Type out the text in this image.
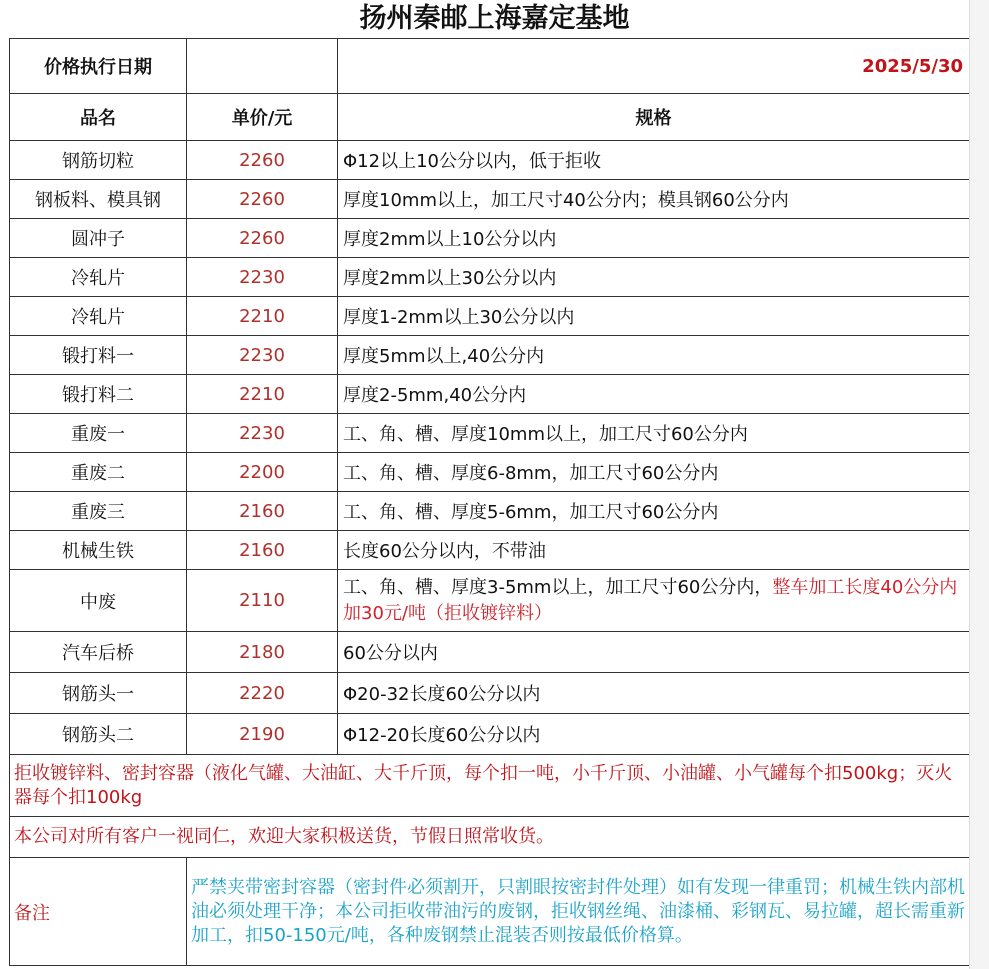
扬州秦邮上海嘉定基地
价格执行日期		2025/5/30
品名	单价/元	规格
钢筋切粒	2260	Φ12以上10公分以内，低于拒收
钢板料、模具钢	2260	厚度10mm以上，加工尺寸40公分内；模具钢60公分内
圆冲子	2260	厚度2mm以上10公分以内
冷轧片	2230	厚度2mm以上30公分以内
冷轧片	2210	厚度1-2mm以上30公分以内
锻打料一	2230	厚度5mm以上,40公分内
锻打料二	2210	厚度2-5mm,40公分内
重废一	2230	工、角、槽、厚度10mm以上，加工尺寸60公分内
重废二	2200	工、角、槽、厚度6-8mm，加工尺寸60公分内
重废三	2160	工、角、槽、厚度5-6mm，加工尺寸60公分内
机械生铁	2160	长度60公分以内，不带油
中废	2110	工、角、槽、厚度3-5mm以上，加工尺寸60公分内，整车加工长度40公分内加30元/吨（拒收镀锌料）
汽车后桥	2180	60公分以内
钢筋头一	2220	Φ20-32长度60公分以内
钢筋头二	2190	Φ12-20长度60公分以内
拒收镀锌料、密封容器（液化气罐、大油缸、大千斤顶，每个扣一吨，小千斤顶、小油罐、小气罐每个扣500kg；灭火器每个扣100kg		
本公司对所有客户一视同仁，欢迎大家积极送货，节假日照常收货。		
备注	严禁夹带密封容器（密封件必须割开，只割眼按密封件处理）如有发现一律重罚；机械生铁内部机油必须处理干净；本公司拒收带油污的废钢，拒收钢丝绳、油漆桶、彩钢瓦、易拉罐，超长需重新加工，扣50-150元/吨，各种废钢禁止混装否则按最低价格算。	
